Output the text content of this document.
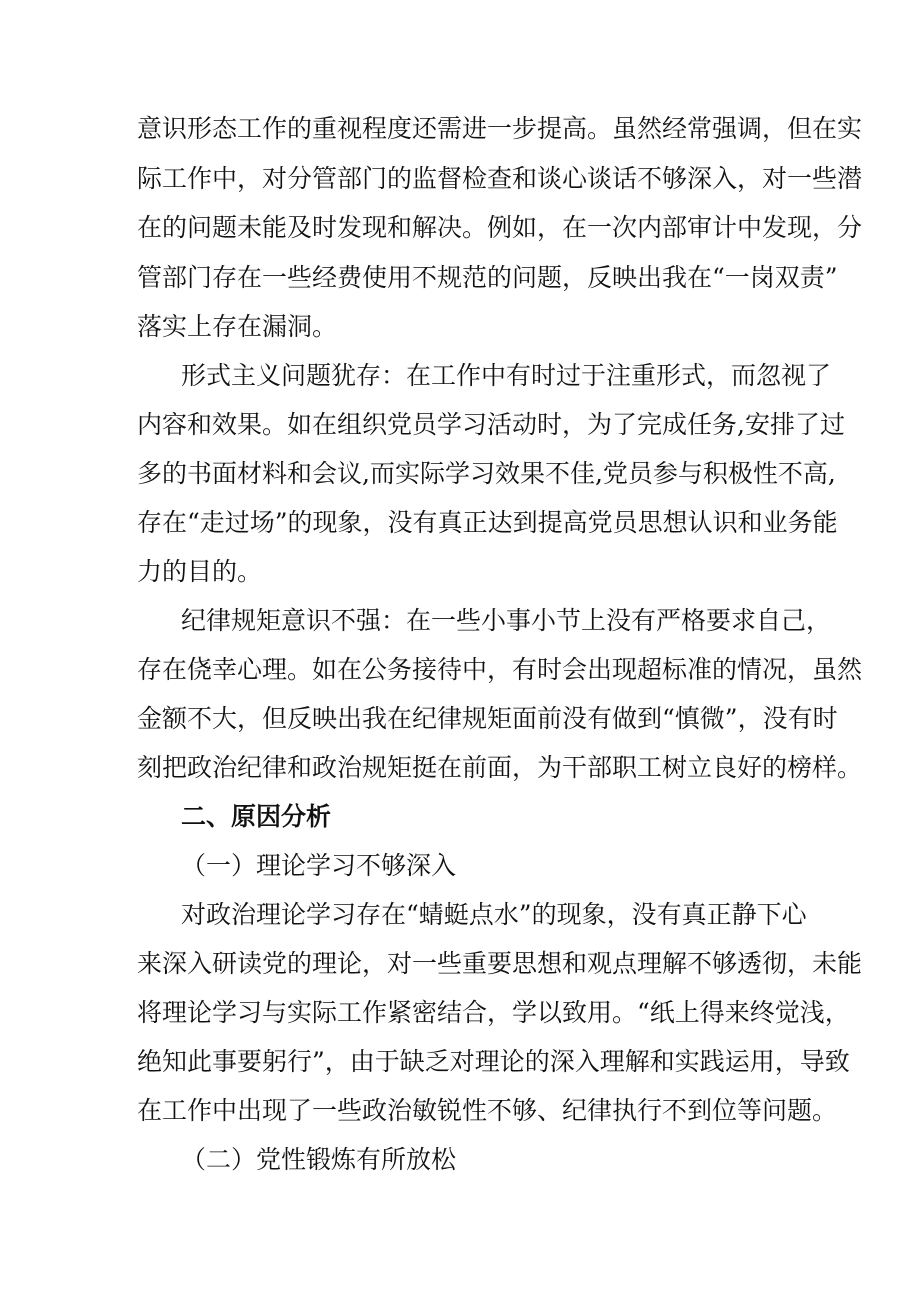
意识形态工作的重视程度还需进一步提高。虽然经常强调，但在实
际工作中，对分管部门的监督检查和谈心谈话不够深入，对一些潜
在的问题未能及时发现和解决。例如，在一次内部审计中发现，分
管部门存在一些经费使用不规范的问题，反映出我在“一岗双责”
落实上存在漏洞。
形式主义问题犹存：在工作中有时过于注重形式，而忽视了
内容和效果。如在组织党员学习活动时，为了完成任务,安排了过
多的书面材料和会议,而实际学习效果不佳,党员参与积极性不高,
存在“走过场”的现象，没有真正达到提高党员思想认识和业务能
力的目的。
纪律规矩意识不强：在一些小事小节上没有严格要求自己，
存在侥幸心理。如在公务接待中，有时会出现超标准的情况，虽然
金额不大，但反映出我在纪律规矩面前没有做到“慎微”，没有时
刻把政治纪律和政治规矩挺在前面，为干部职工树立良好的榜样。
二、原因分析
（一）理论学习不够深入
对政治理论学习存在“蜻蜓点水”的现象，没有真正静下心
来深入研读党的理论，对一些重要思想和观点理解不够透彻，未能
将理论学习与实际工作紧密结合，学以致用。“纸上得来终觉浅，
绝知此事要躬行”，由于缺乏对理论的深入理解和实践运用，导致
在工作中出现了一些政治敏锐性不够、纪律执行不到位等问题。
（二）党性锻炼有所放松
